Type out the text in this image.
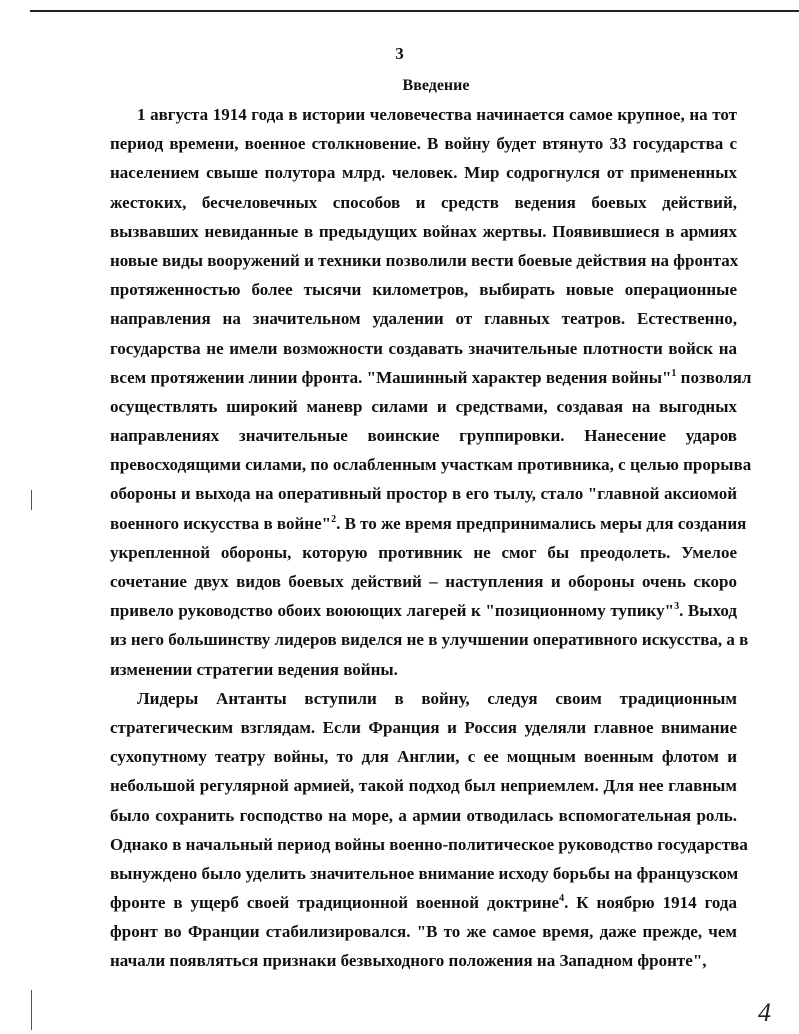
3
Введение
1 августа 1914 года в истории человечества начинается самое крупное, на тот
период времени, военное столкновение. В войну будет втянуто 33 государства с
населением свыше полутора млрд. человек. Мир содрогнулся от примененных
жестоких, бесчеловечных способов и средств ведения боевых действий,
вызвавших невиданные в предыдущих войнах жертвы. Появившиеся в армиях
новые виды вооружений и техники позволили вести боевые действия на фронтах
протяженностью более тысячи километров, выбирать новые операционные
направления на значительном удалении от главных театров. Естественно,
государства не имели возможности создавать значительные плотности войск на
всем протяжении линии фронта. "Машинный характер ведения войны"$^1$ позволял
осуществлять широкий маневр силами и средствами, создавая на выгодных
направлениях значительные воинские группировки. Нанесение ударов
превосходящими силами, по ослабленным участкам противника, с целью прорыва
обороны и выхода на оперативный простор в его тылу, стало "главной аксиомой
военного искусства в войне"$^2$. В то же время предпринимались меры для создания
укрепленной обороны, которую противник не смог бы преодолеть. Умелое
сочетание двух видов боевых действий – наступления и обороны очень скоро
привело руководство обоих воюющих лагерей к "позиционному тупику"$^3$. Выход
из него большинству лидеров виделся не в улучшении оперативного искусства, а в
изменении стратегии ведения войны.
Лидеры Антанты вступили в войну, следуя своим традиционным
стратегическим взглядам. Если Франция и Россия уделяли главное внимание
сухопутному театру войны, то для Англии, с ее мощным военным флотом и
небольшой регулярной армией, такой подход был неприемлем. Для нее главным
было сохранить господство на море, а армии отводилась вспомогательная роль.
Однако в начальный период войны военно-политическое руководство государства
вынуждено было уделить значительное внимание исходу борьбы на французском
фронте в ущерб своей традиционной военной доктрине$^4$. К ноябрю 1914 года
фронт во Франции стабилизировался. "В то же самое время, даже прежде, чем
начали появляться признаки безвыходного положения на Западном фронте",
4
